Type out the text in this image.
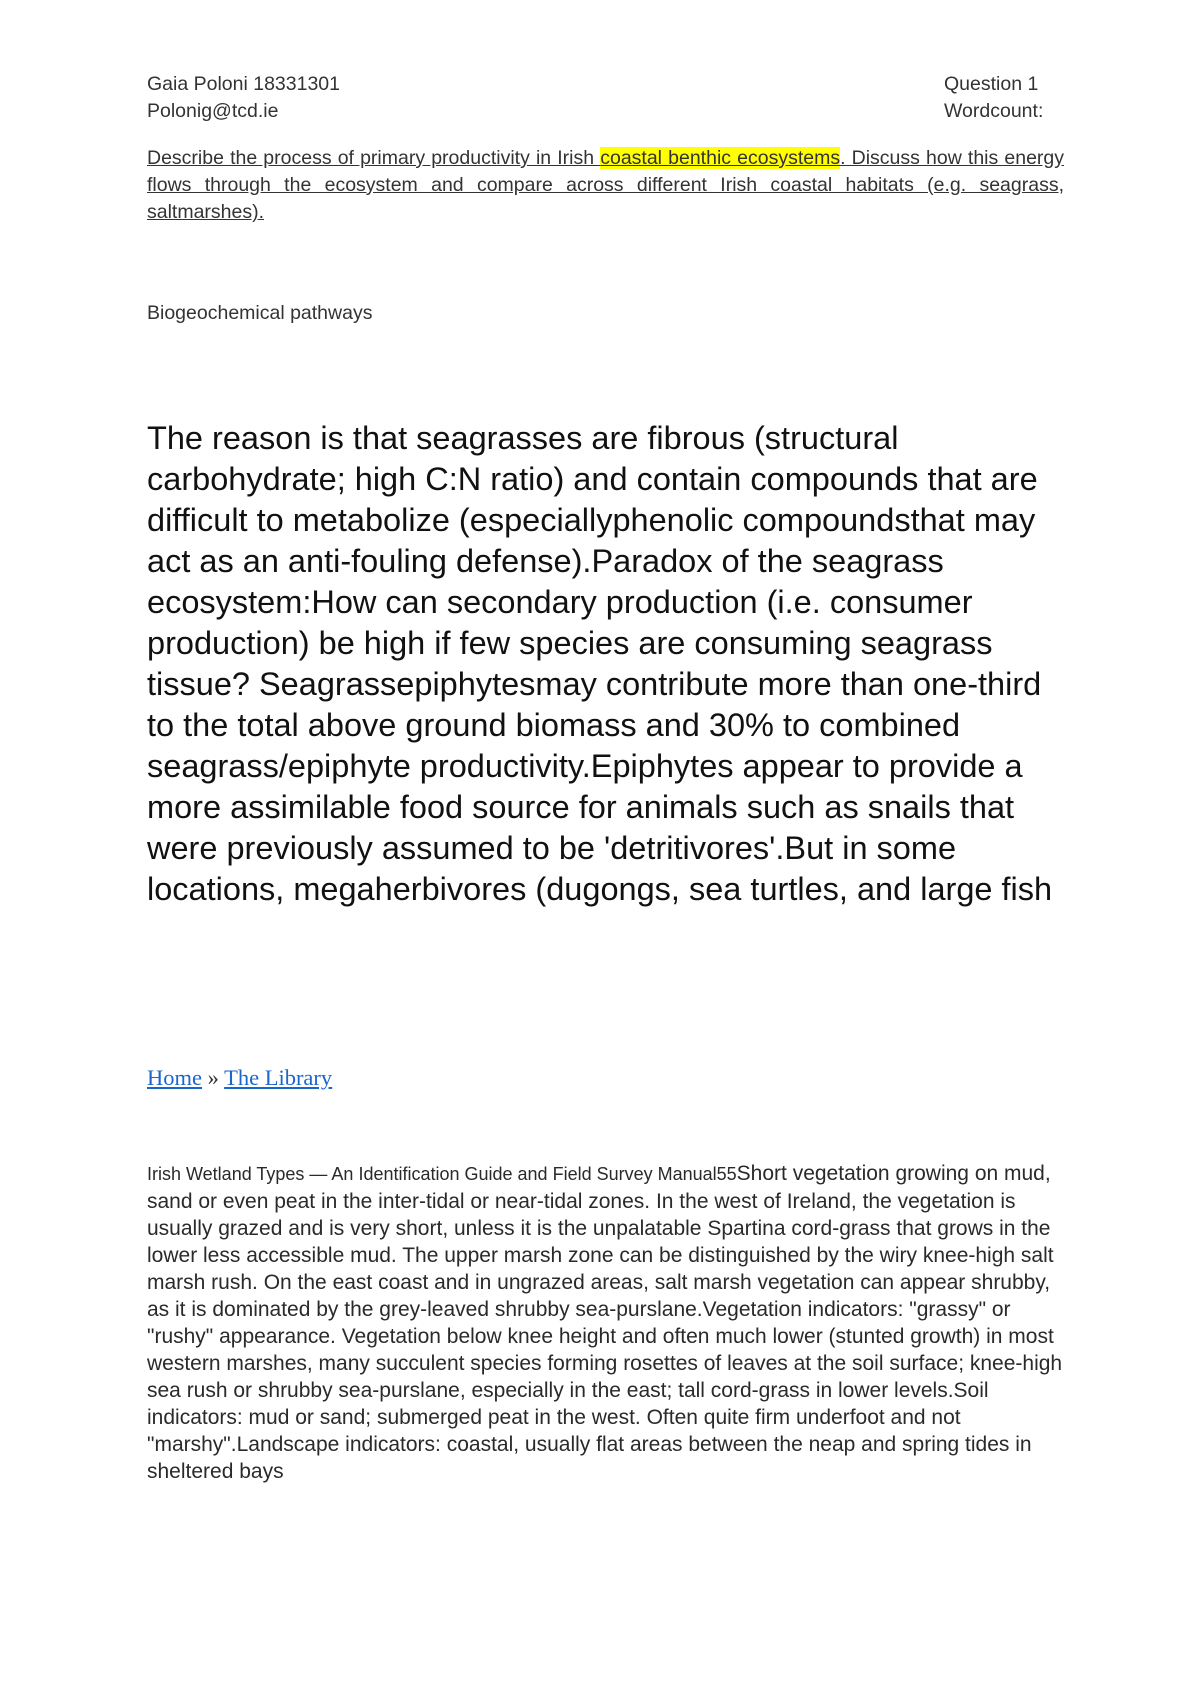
Gaia Poloni 18331301	Question 1
Polonig@tcd.ie	Wordcount:
Describe the process of primary productivity in Irish coastal benthic ecosystems. Discuss how this energy flows through the ecosystem and compare across different Irish coastal habitats (e.g. seagrass, saltmarshes).
Biogeochemical pathways
The reason is that seagrasses are fibrous (structural carbohydrate; high C:N ratio) and contain compounds that are difficult to metabolize (especiallyphenolic compoundsthat may act as an anti-fouling defense).Paradox of the seagrass ecosystem:How can secondary production (i.e. consumer production) be high if few species are consuming seagrass tissue? Seagrassepiphytesmay contribute more than one-third to the total above ground biomass and 30% to combined seagrass/epiphyte productivity.Epiphytes appear to provide a more assimilable food source for animals such as snails that were previously assumed to be 'detritivores'.But in some locations, megaherbivores (dugongs, sea turtles, and large fish
Home » The Library
Irish Wetland Types — An Identification Guide and Field Survey Manual55Short vegetation growing on mud, sand or even peat in the inter-tidal or near-tidal zones. In the west of Ireland, the vegetation is usually grazed and is very short, unless it is the unpalatable Spartina cord-grass that grows in the lower less accessible mud. The upper marsh zone can be distinguished by the wiry knee-high salt marsh rush. On the east coast and in ungrazed areas, salt marsh vegetation can appear shrubby, as it is dominated by the grey-leaved shrubby sea-purslane.Vegetation indicators: "grassy" or "rushy" appearance. Vegetation below knee height and often much lower (stunted growth) in most western marshes, many succulent species forming rosettes of leaves at the soil surface; knee-high sea rush or shrubby sea-purslane, especially in the east; tall cord-grass in lower levels.Soil indicators: mud or sand; submerged peat in the west. Often quite firm underfoot and not "marshy".Landscape indicators: coastal, usually flat areas between the neap and spring tides in sheltered bays
